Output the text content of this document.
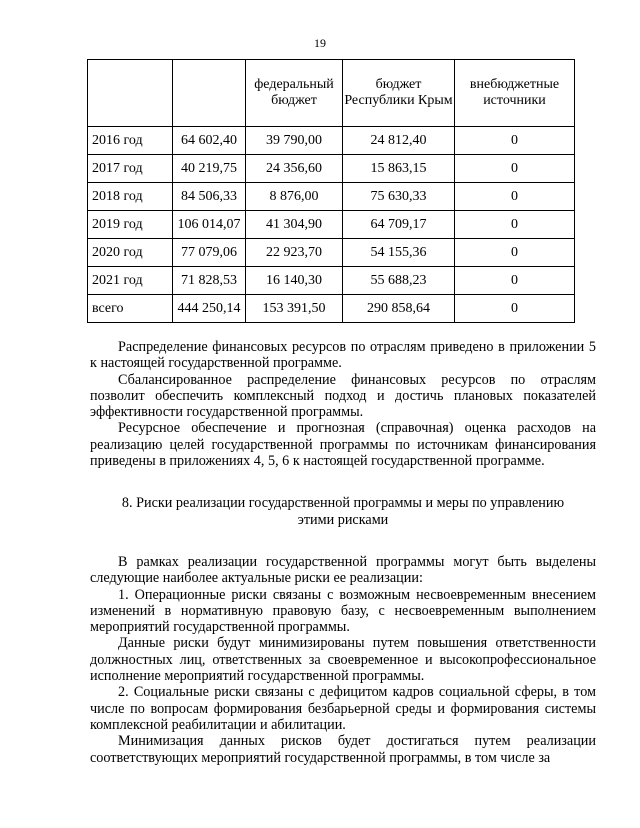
19
		федеральный бюджет	бюджет Республики Крым	внебюджетные источники
2016 год	64 602,40	39 790,00	24 812,40	0
2017 год	40 219,75	24 356,60	15 863,15	0
2018 год	84 506,33	8 876,00	75 630,33	0
2019 год	106 014,07	41 304,90	64 709,17	0
2020 год	77 079,06	22 923,70	54 155,36	0
2021 год	71 828,53	16 140,30	55 688,23	0
всего	444 250,14	153 391,50	290 858,64	0

Распределение финансовых ресурсов по отраслям приведено в приложении 5 к настоящей государственной программе.

Сбалансированное распределение финансовых ресурсов по отраслям позволит обеспечить комплексный подход и достичь плановых показателей эффективности государственной программы.

Ресурсное обеспечение и прогнозная (справочная) оценка расходов на реализацию целей государственной программы по источникам финансирования приведены в приложениях 4, 5, 6 к настоящей государственной программе.

8. Риски реализации государственной программы и меры по управлению этими рисками

В рамках реализации государственной программы могут быть выделены следующие наиболее актуальные риски ее реализации:

1. Операционные риски связаны с возможным несвоевременным внесением изменений в нормативную правовую базу, с несвоевременным выполнением мероприятий государственной программы.

Данные риски будут минимизированы путем повышения ответственности должностных лиц, ответственных за своевременное и высокопрофессиональное исполнение мероприятий государственной программы.

2. Социальные риски связаны с дефицитом кадров социальной сферы, в том числе по вопросам формирования безбарьерной среды и формирования системы комплексной реабилитации и абилитации.

Минимизация данных рисков будет достигаться путем реализации соответствующих мероприятий государственной программы, в том числе за
